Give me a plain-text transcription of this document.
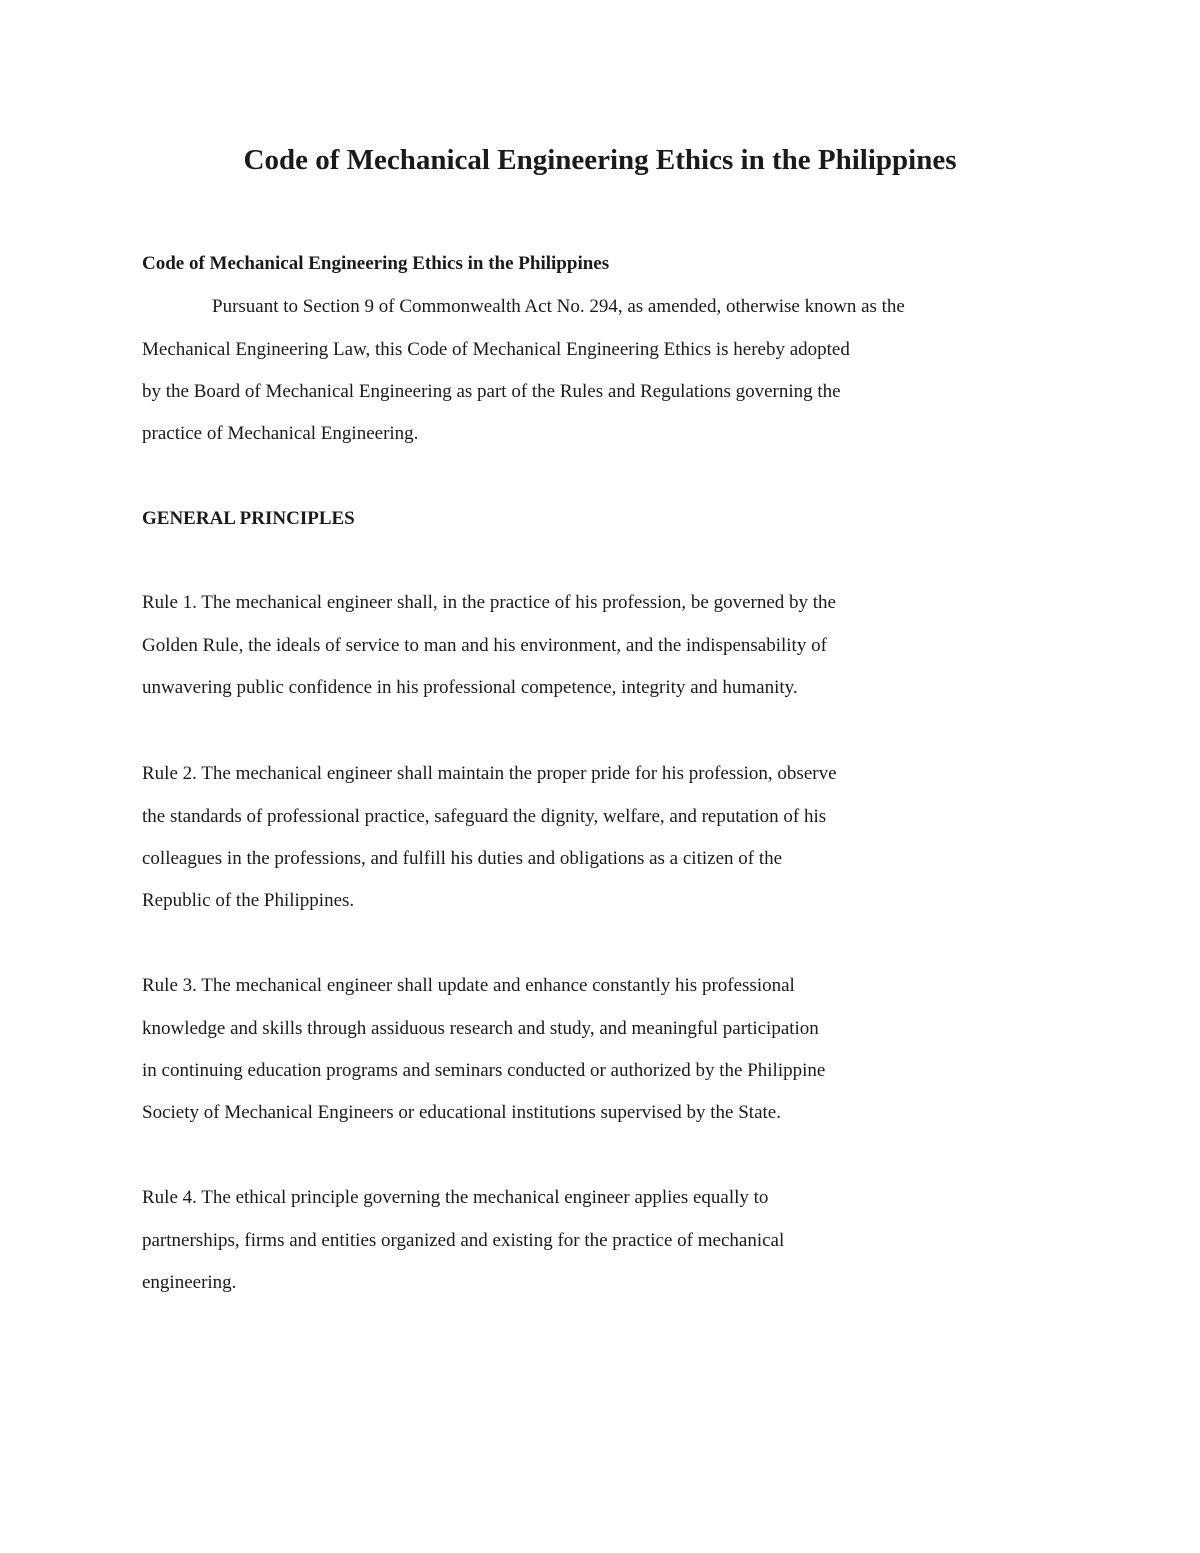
Code of Mechanical Engineering Ethics in the Philippines

Code of Mechanical Engineering Ethics in the Philippines

Pursuant to Section 9 of Commonwealth Act No. 294, as amended, otherwise known as the

Mechanical Engineering Law, this Code of Mechanical Engineering Ethics is hereby adopted

by the Board of Mechanical Engineering as part of the Rules and Regulations governing the

practice of Mechanical Engineering.

GENERAL PRINCIPLES

Rule 1. The mechanical engineer shall, in the practice of his profession, be governed by the

Golden Rule, the ideals of service to man and his environment, and the indispensability of

unwavering public confidence in his professional competence, integrity and humanity.

Rule 2. The mechanical engineer shall maintain the proper pride for his profession, observe

the standards of professional practice, safeguard the dignity, welfare, and reputation of his

colleagues in the professions, and fulfill his duties and obligations as a citizen of the

Republic of the Philippines.

Rule 3. The mechanical engineer shall update and enhance constantly his professional

knowledge and skills through assiduous research and study, and meaningful participation

in continuing education programs and seminars conducted or authorized by the Philippine

Society of Mechanical Engineers or educational institutions supervised by the State.

Rule 4. The ethical principle governing the mechanical engineer applies equally to

partnerships, firms and entities organized and existing for the practice of mechanical

engineering.
